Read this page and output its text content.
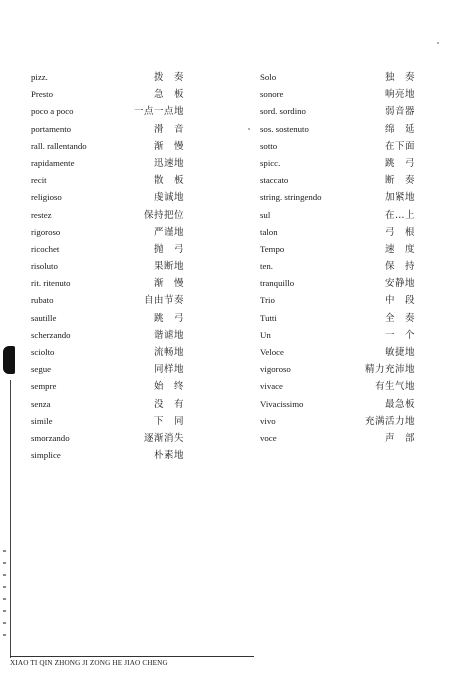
pizz.	拨　奏
Presto	急　板
poco a poco	一点一点地
portamento	滑　音
rall. rallentando	渐　慢
rapidamente	迅速地
recit	散　板
religioso	虔诚地
restez	保持把位
rigoroso	严谨地
ricochet	抛　弓
risoluto	果断地
rit. ritenuto	渐　慢
rubato	自由节奏
sautille	跳　弓
scherzando	谐谑地
sciolto	流畅地
segue	同样地
sempre	始　终
senza	没　有
simile	下　同
smorzando	逐渐消失
simplice	朴素地
Solo	独　奏
sonore	响亮地
sord. sordino	弱音器
sos. sostenuto	绵　延
sotto	在下面
spicc.	跳　弓
staccato	断　奏
string. stringendo	加紧地
sul	在…上
talon	弓　根
Tempo	速　度
ten.	保　持
tranquillo	安静地
Trio	中　段
Tutti	全　奏
Un	一　个
Veloce	敏捷地
vigoroso	精力充沛地
vivace	有生气地
Vivacissimo	最急板
vivo	充满活力地
voce	声　部
XIAO TI QIN ZHONG JI ZONG HE JIAO CHENG
